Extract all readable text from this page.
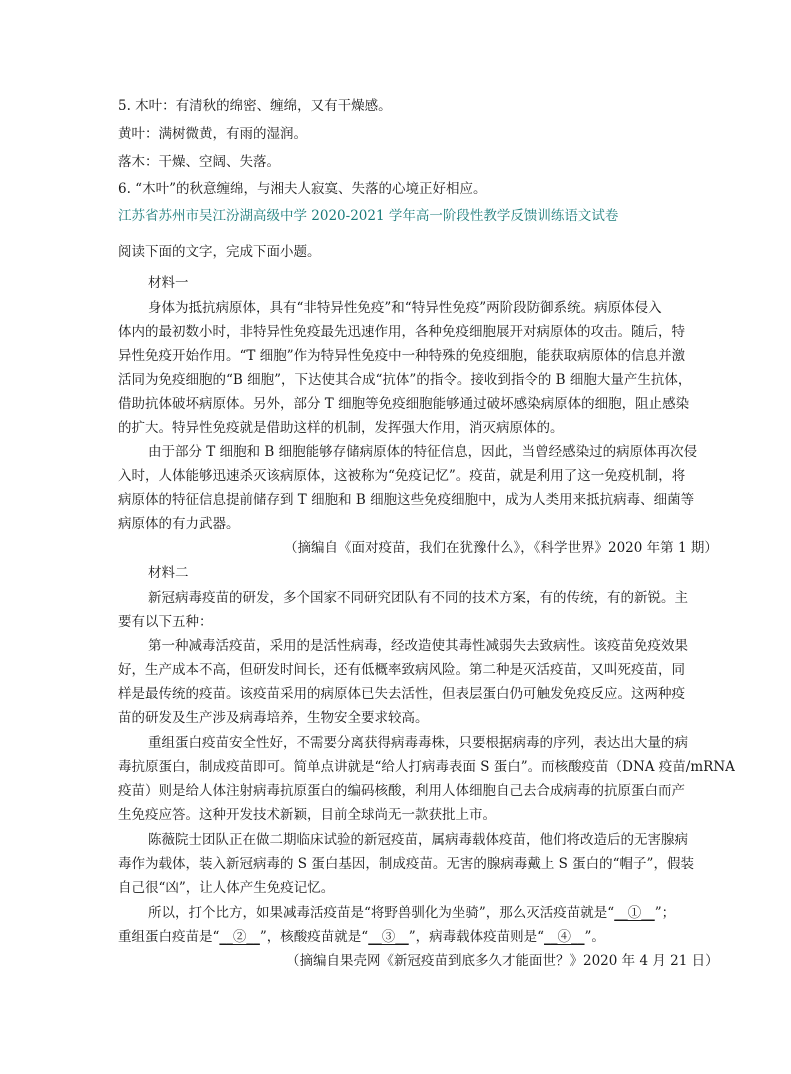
5. 木叶：有清秋的绵密、缠绵，又有干燥感。
黄叶：满树微黄，有雨的湿润。
落木：干燥、空阔、失落。
6. “木叶”的秋意缠绵，与湘夫人寂寞、失落的心境正好相应。
江苏省苏州市吴江汾湖高级中学 2020-2021 学年高一阶段性教学反馈训练语文试卷
阅读下面的文字，完成下面小题。
材料一
身体为抵抗病原体，具有“非特异性免疫”和“特异性免疫”两阶段防御系统。病原体侵入
体内的最初数小时，非特异性免疫最先迅速作用，各种免疫细胞展开对病原体的攻击。随后，特
异性免疫开始作用。“T 细胞”作为特异性免疫中一种特殊的免疫细胞，能获取病原体的信息并激
活同为免疫细胞的“B 细胞”，下达使其合成“抗体”的指令。接收到指令的 B 细胞大量产生抗体，
借助抗体破坏病原体。另外，部分 T 细胞等免疫细胞能够通过破坏感染病原体的细胞，阻止感染
的扩大。特异性免疫就是借助这样的机制，发挥强大作用，消灭病原体的。
由于部分 T 细胞和 B 细胞能够存储病原体的特征信息，因此，当曾经感染过的病原体再次侵
入时，人体能够迅速杀灭该病原体，这被称为“免疫记忆”。疫苗，就是利用了这一免疫机制，将
病原体的特征信息提前储存到 T 细胞和 B 细胞这些免疫细胞中，成为人类用来抵抗病毒、细菌等
病原体的有力武器。
（摘编自《面对疫苗，我们在犹豫什么》，《科学世界》2020 年第 1 期）
材料二
新冠病毒疫苗的研发，多个国家不同研究团队有不同的技术方案，有的传统，有的新锐。主
要有以下五种：
第一种减毒活疫苗，采用的是活性病毒，经改造使其毒性减弱失去致病性。该疫苗免疫效果
好，生产成本不高，但研发时间长，还有低概率致病风险。第二种是灭活疫苗，又叫死疫苗，同
样是最传统的疫苗。该疫苗采用的病原体已失去活性，但表层蛋白仍可触发免疫反应。这两种疫
苗的研发及生产涉及病毒培养，生物安全要求较高。
重组蛋白疫苗安全性好，不需要分离获得病毒毒株，只要根据病毒的序列，表达出大量的病
毒抗原蛋白，制成疫苗即可。简单点讲就是“给人打病毒表面 S 蛋白”。而核酸疫苗（DNA 疫苗/mRNA
疫苗）则是给人体注射病毒抗原蛋白的编码核酸，利用人体细胞自己去合成病毒的抗原蛋白而产
生免疫应答。这种开发技术新颖，目前全球尚无一款获批上市。
陈薇院士团队正在做二期临床试验的新冠疫苗，属病毒载体疫苗，他们将改造后的无害腺病
毒作为载体，装入新冠病毒的 S 蛋白基因，制成疫苗。无害的腺病毒戴上 S 蛋白的“帽子”，假装
自己很“凶”，让人体产生免疫记忆。
所以，打个比方，如果减毒活疫苗是“将野兽驯化为坐骑”，那么灭活疫苗就是“__①__”；
重组蛋白疫苗是“__②__”，核酸疫苗就是“__③__”，病毒载体疫苗则是“__④__”。
（摘编自果壳网《新冠疫苗到底多久才能面世？》2020 年 4 月 21 日）
